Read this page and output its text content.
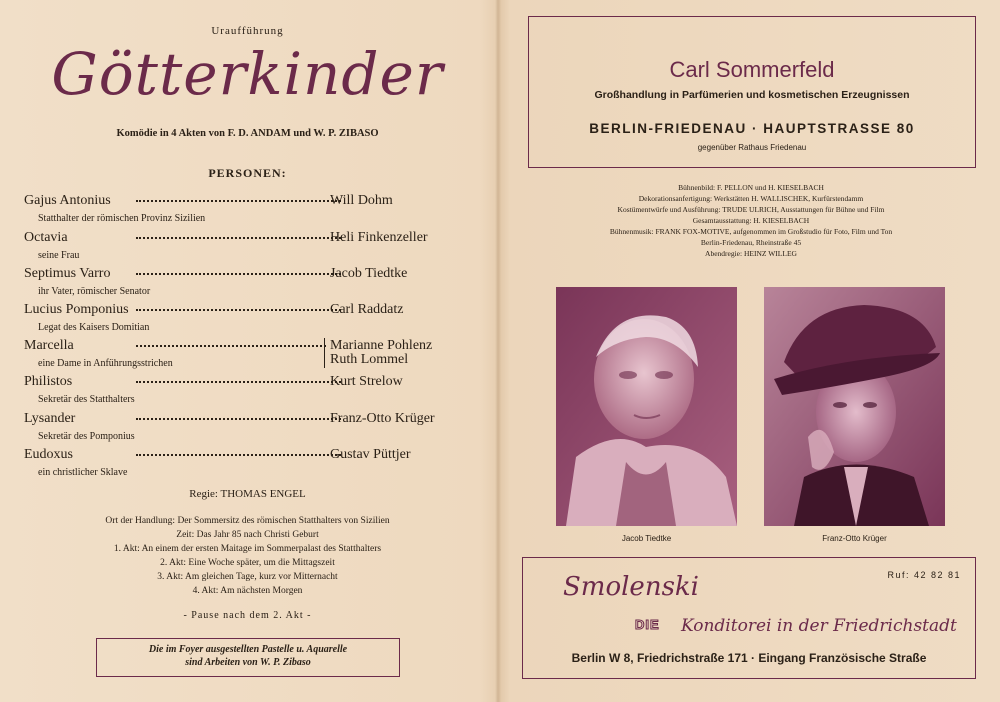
Uraufführung
Götterkinder
Komödie in 4 Akten von F. D. ANDAM und W. P. ZIBASO
PERSONEN:
Gajus Antonius	Will Dohm
Statthalter der römischen Provinz Sizilien
Octavia	Heli Finkenzeller
seine Frau
Septimus Varro	Jacob Tiedtke
ihr Vater, römischer Senator
Lucius Pomponius	Carl Raddatz
Legat des Kaisers Domitian
Marcella	Marianne Pohlenz
Ruth Lommel
eine Dame in Anführungsstrichen
Philistos	Kurt Strelow
Sekretär des Statthalters
Lysander	Franz-Otto Krüger
Sekretär des Pomponius
Eudoxus	Gustav Püttjer
ein christlicher Sklave
Regie: THOMAS ENGEL
Ort der Handlung: Der Sommersitz des römischen Statthalters von Sizilien
Zeit: Das Jahr 85 nach Christi Geburt
1. Akt: An einem der ersten Maitage im Sommerpalast des Statthalters
2. Akt: Eine Woche später, um die Mittagszeit
3. Akt: Am gleichen Tage, kurz vor Mitternacht
4. Akt: Am nächsten Morgen
- Pause nach dem 2. Akt -
Die im Foyer ausgestellten Pastelle u. Aquarelle
sind Arbeiten von W. P. Zibaso
Carl Sommerfeld
Großhandlung in Parfümerien und kosmetischen Erzeugnissen
BERLIN-FRIEDENAU · HAUPTSTRASSE 80
gegenüber Rathaus Friedenau
Bühnenbild: F. PELLON und H. KIESELBACH
Dekorationsanfertigung: Werkstätten H. WALLISCHEK, Kurfürstendamm
Kostümentwürfe und Ausführung: TRUDE ULRICH, Ausstattungen für Bühne und Film
Gesamtausstattung: H. KIESELBACH
Bühnenmusik: FRANK FOX-MOTIVE, aufgenommen im Großstudio für Foto, Film und Ton
Berlin-Friedenau, Rheinstraße 45
Abendregie: HEINZ WILLEG
Jacob Tiedtke	Franz-Otto Krüger
Ruf: 42 82 81
Smolenski
DIE Konditorei in der Friedrichstadt
Berlin W 8, Friedrichstraße 171 · Eingang Französische Straße
